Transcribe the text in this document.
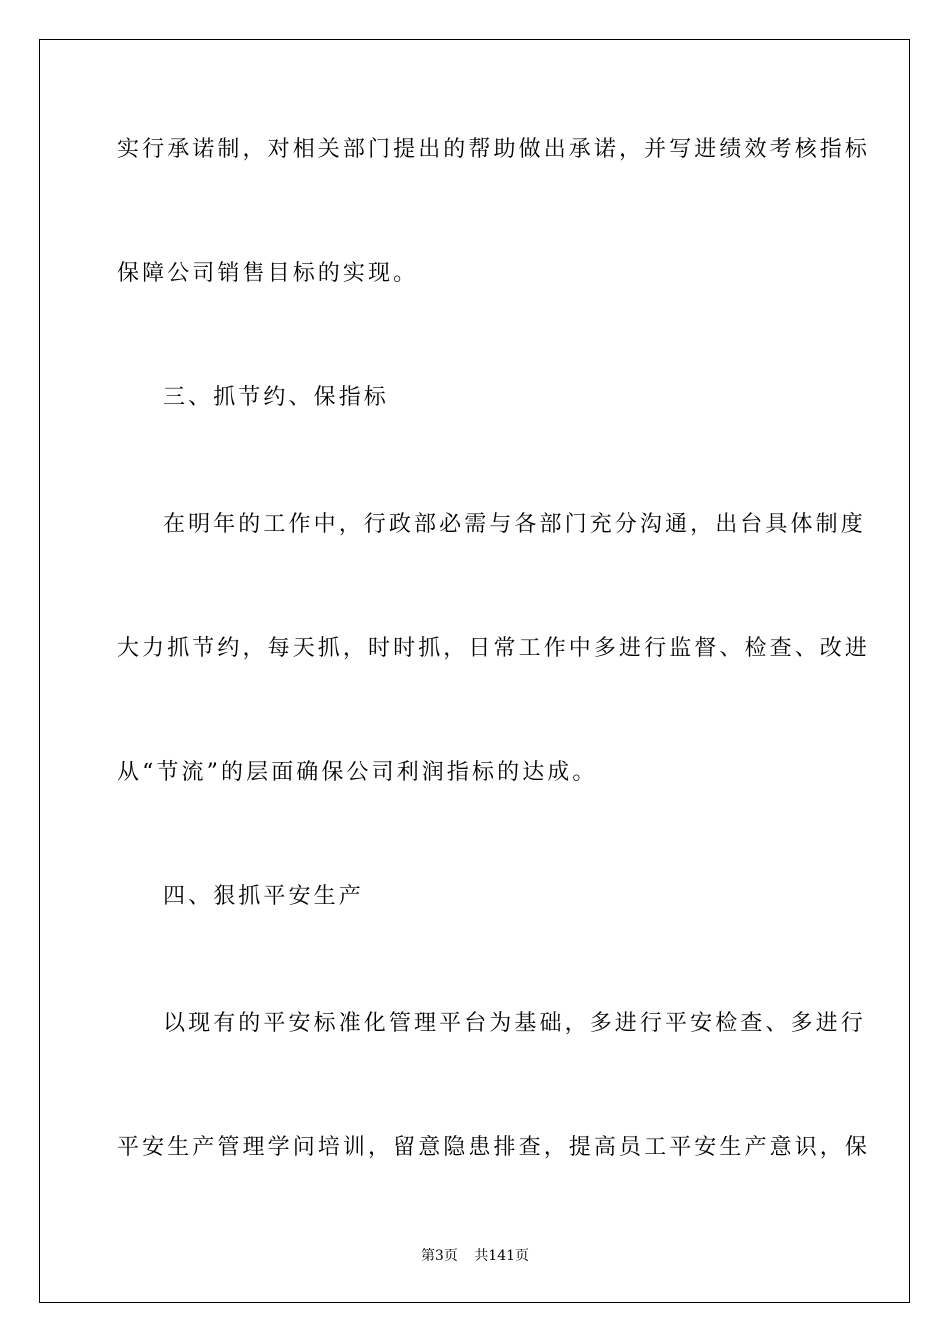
实行承诺制，对相关部门提出的帮助做出承诺，并写进绩效考核指标
保障公司销售目标的实现。
三、抓节约、保指标
在明年的工作中，行政部必需与各部门充分沟通，出台具体制度
大力抓节约，每天抓，时时抓，日常工作中多进行监督、检查、改进
从“节流”的层面确保公司利润指标的达成。
四、狠抓平安生产
以现有的平安标准化管理平台为基础，多进行平安检查、多进行
平安生产管理学问培训，留意隐患排查，提高员工平安生产意识，保
第3页 共141页
